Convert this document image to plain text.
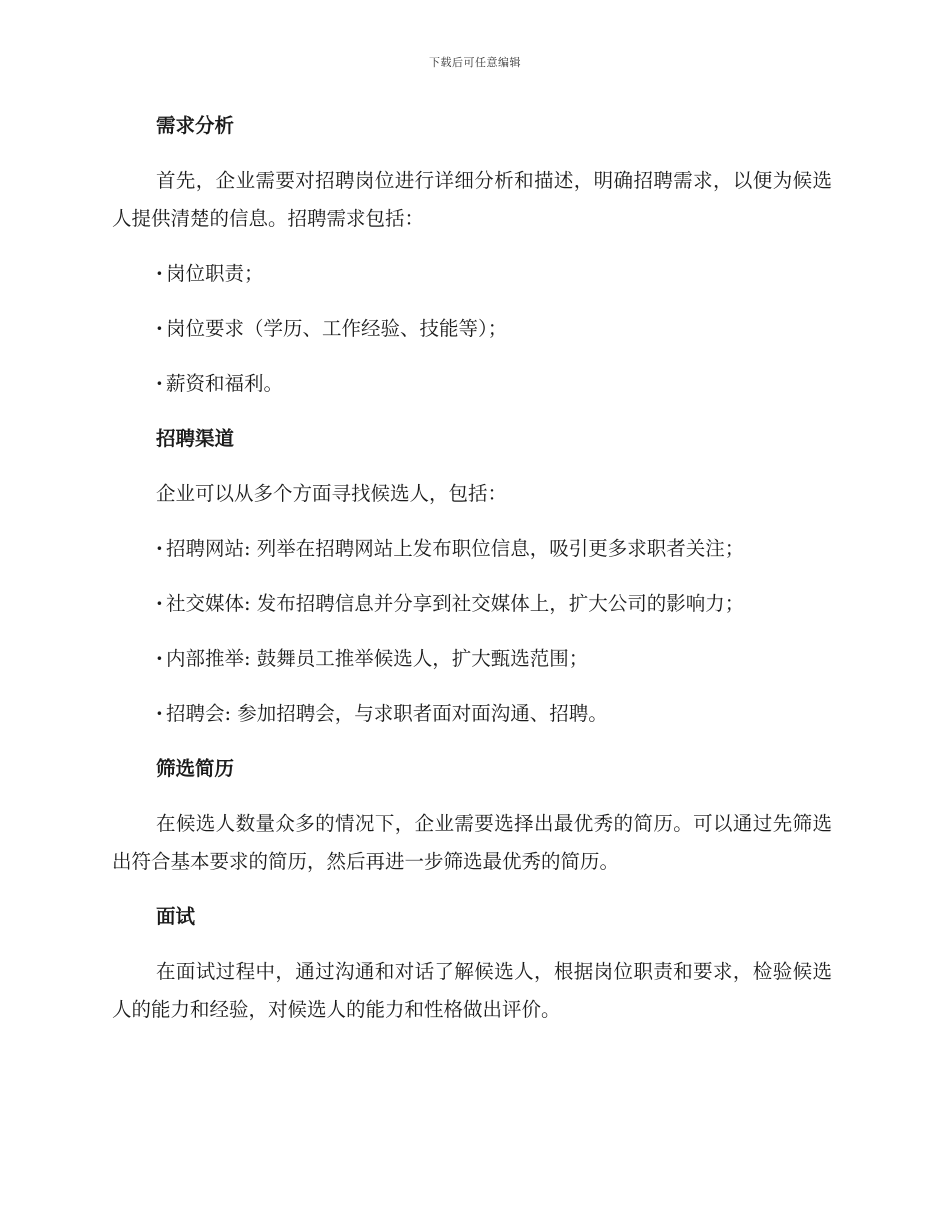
下载后可任意编辑
需求分析

首先，企业需要对招聘岗位进行详细分析和描述，明确招聘需求，以便为候选人提供清楚的信息。招聘需求包括：

· 岗位职责；
· 岗位要求（学历、工作经验、技能等）；
· 薪资和福利。
招聘渠道

企业可以从多个方面寻找候选人，包括：

· 招聘网站: 列举在招聘网站上发布职位信息，吸引更多求职者关注；
· 社交媒体: 发布招聘信息并分享到社交媒体上，扩大公司的影响力；
· 内部推举: 鼓舞员工推举候选人，扩大甄选范围；
· 招聘会: 参加招聘会，与求职者面对面沟通、招聘。
筛选简历

在候选人数量众多的情况下，企业需要选择出最优秀的简历。可以通过先筛选出符合基本要求的简历，然后再进一步筛选最优秀的简历。

面试

在面试过程中，通过沟通和对话了解候选人，根据岗位职责和要求，检验候选人的能力和经验，对候选人的能力和性格做出评价。
